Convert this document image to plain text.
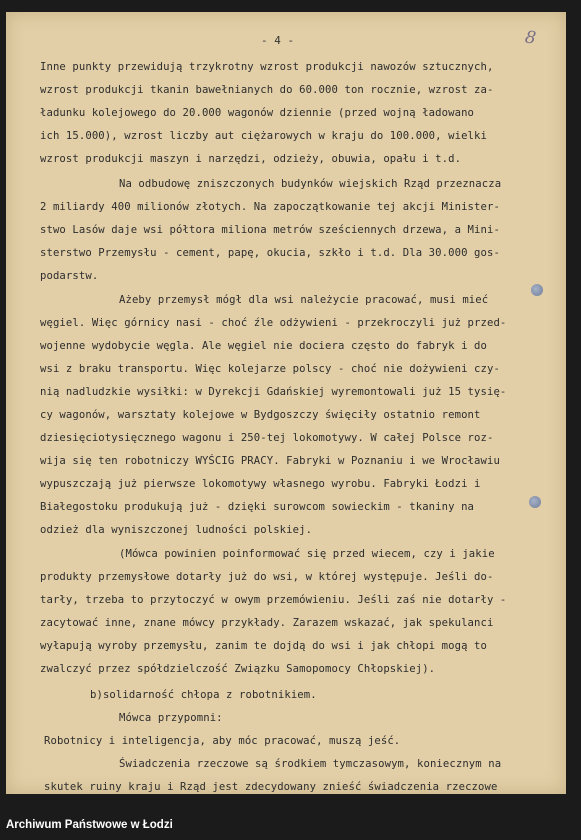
- 4 -	8
Inne punkty przewidują trzykrotny wzrost produkcji nawozów sztucznych,
wzrost produkcji tkanin bawełnianych do 60.000 ton rocznie, wzrost za-
ładunku kolejowego do 20.000 wagonów dziennie (przed wojną ładowano
ich 15.000), wzrost liczby aut ciężarowych w kraju do 100.000, wielki
wzrost produkcji maszyn i narzędzi, odzieży, obuwia, opału i t.d.
Na odbudowę zniszczonych budynków wiejskich Rząd przeznacza
2 miliardy 400 milionów złotych. Na zapoczątkowanie tej akcji Minister-
stwo Lasów daje wsi półtora miliona metrów sześciennych drzewa, a Mini-
sterstwo Przemysłu - cement, papę, okucia, szkło i t.d. Dla 30.000 gos-
podarstw.
Ażeby przemysł mógł dla wsi należycie pracować, musi mieć
węgiel. Więc górnicy nasi - choć źle odżywieni - przekroczyli już przed-
wojenne wydobycie węgla. Ale węgiel nie dociera często do fabryk i do
wsi z braku transportu. Więc kolejarze polscy - choć nie dożywieni czy-
nią nadludzkie wysiłki: w Dyrekcji Gdańskiej wyremontowali już 15 tysię-
cy wagonów, warsztaty kolejowe w Bydgoszczy święciły ostatnio remont
dziesięciotysięcznego wagonu i 250-tej lokomotywy. W całej Polsce roz-
wija się ten robotniczy WYŚCIG PRACY. Fabryki w Poznaniu i we Wrocławiu
wypuszczają już pierwsze lokomotywy własnego wyrobu. Fabryki Łodzi i
Białegostoku produkują już - dzięki surowcom sowieckim - tkaniny na
odzież dla wyniszczonej ludności polskiej.
(Mówca powinien poinformować się przed wiecem, czy i jakie
produkty przemysłowe dotarły już do wsi, w której występuje. Jeśli do-
tarły, trzeba to przytoczyć w owym przemówieniu. Jeśli zaś nie dotarły -
zacytować inne, znane mówcy przykłady. Zarazem wskazać, jak spekulanci
wyłapują wyroby przemysłu, zanim te dojdą do wsi i jak chłopi mogą to
zwalczyć przez spółdzielczość Związku Samopomocy Chłopskiej).
b)solidarność chłopa z robotnikiem.
Mówca przypomni:
Robotnicy i inteligencja, aby móc pracować, muszą jeść.
Świadczenia rzeczowe są środkiem tymczasowym, koniecznym na
skutek ruiny kraju i Rząd jest zdecydowany znieść świadczenia rzeczowe
Archiwum Państwowe w Łodzi
